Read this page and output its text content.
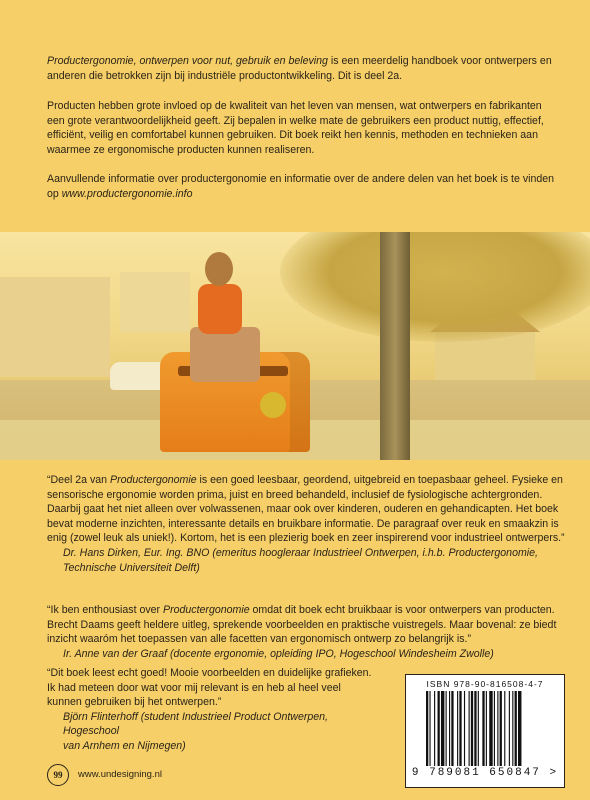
Productergonomie, ontwerpen voor nut, gebruik en beleving is een meerdelig handboek voor ontwerpers en anderen die betrokken zijn bij industriële productontwikkeling. Dit is deel 2a.

Producten hebben grote invloed op de kwaliteit van het leven van mensen, wat ontwerpers en fabrikanten een grote verantwoordelijkheid geeft. Zij bepalen in welke mate de gebruikers een product nuttig, effectief, efficiënt, veilig en comfortabel kunnen gebruiken. Dit boek reikt hen kennis, methoden en technieken aan waarmee ze ergonomische producten kunnen realiseren.

Aanvullende informatie over productergonomie en informatie over de andere delen van het boek is te vinden op www.productergonomie.info

“Deel 2a van Productergonomie is een goed leesbaar, geordend, uitgebreid en toepasbaar geheel. Fysieke en sensorische ergonomie worden prima, juist en breed behandeld, inclusief de fysiologische achtergronden. Daarbij gaat het niet alleen over volwassenen, maar ook over kinderen, ouderen en gehandicapten. Het boek bevat moderne inzichten, interessante details en bruikbare informatie. De paragraaf over reuk en smaakzin is enig (zowel leuk als uniek!). Kortom, het is een plezierig boek en zeer inspirerend voor industrieel ontwerpers.”

Dr. Hans Dirken, Eur. Ing. BNO (emeritus hoogleraar Industrieel Ontwerpen, i.h.b. Productergonomie,

Technische Universiteit Delft)

“Ik ben enthousiast over Productergonomie omdat dit boek echt bruikbaar is voor ontwerpers van producten. Brecht Daams geeft heldere uitleg, sprekende voorbeelden en praktische vuistregels. Maar bovenal: ze biedt inzicht waaróm het toepassen van alle facetten van ergonomisch ontwerp zo belangrijk is.”

Ir. Anne van der Graaf (docente ergonomie, opleiding IPO, Hogeschool Windesheim Zwolle)

“Dit boek leest echt goed! Mooie voorbeelden en duidelijke grafieken. Ik had meteen door wat voor mij relevant is en heb al heel veel kunnen gebruiken bij het ontwerpen.”

Björn Flinterhoff (student Industrieel Product Ontwerpen, Hogeschool

van Arnhem en Nijmegen)

ISBN 978-90-816508-4-7
9 789081 650847 >
99	www.undesigning.nl
